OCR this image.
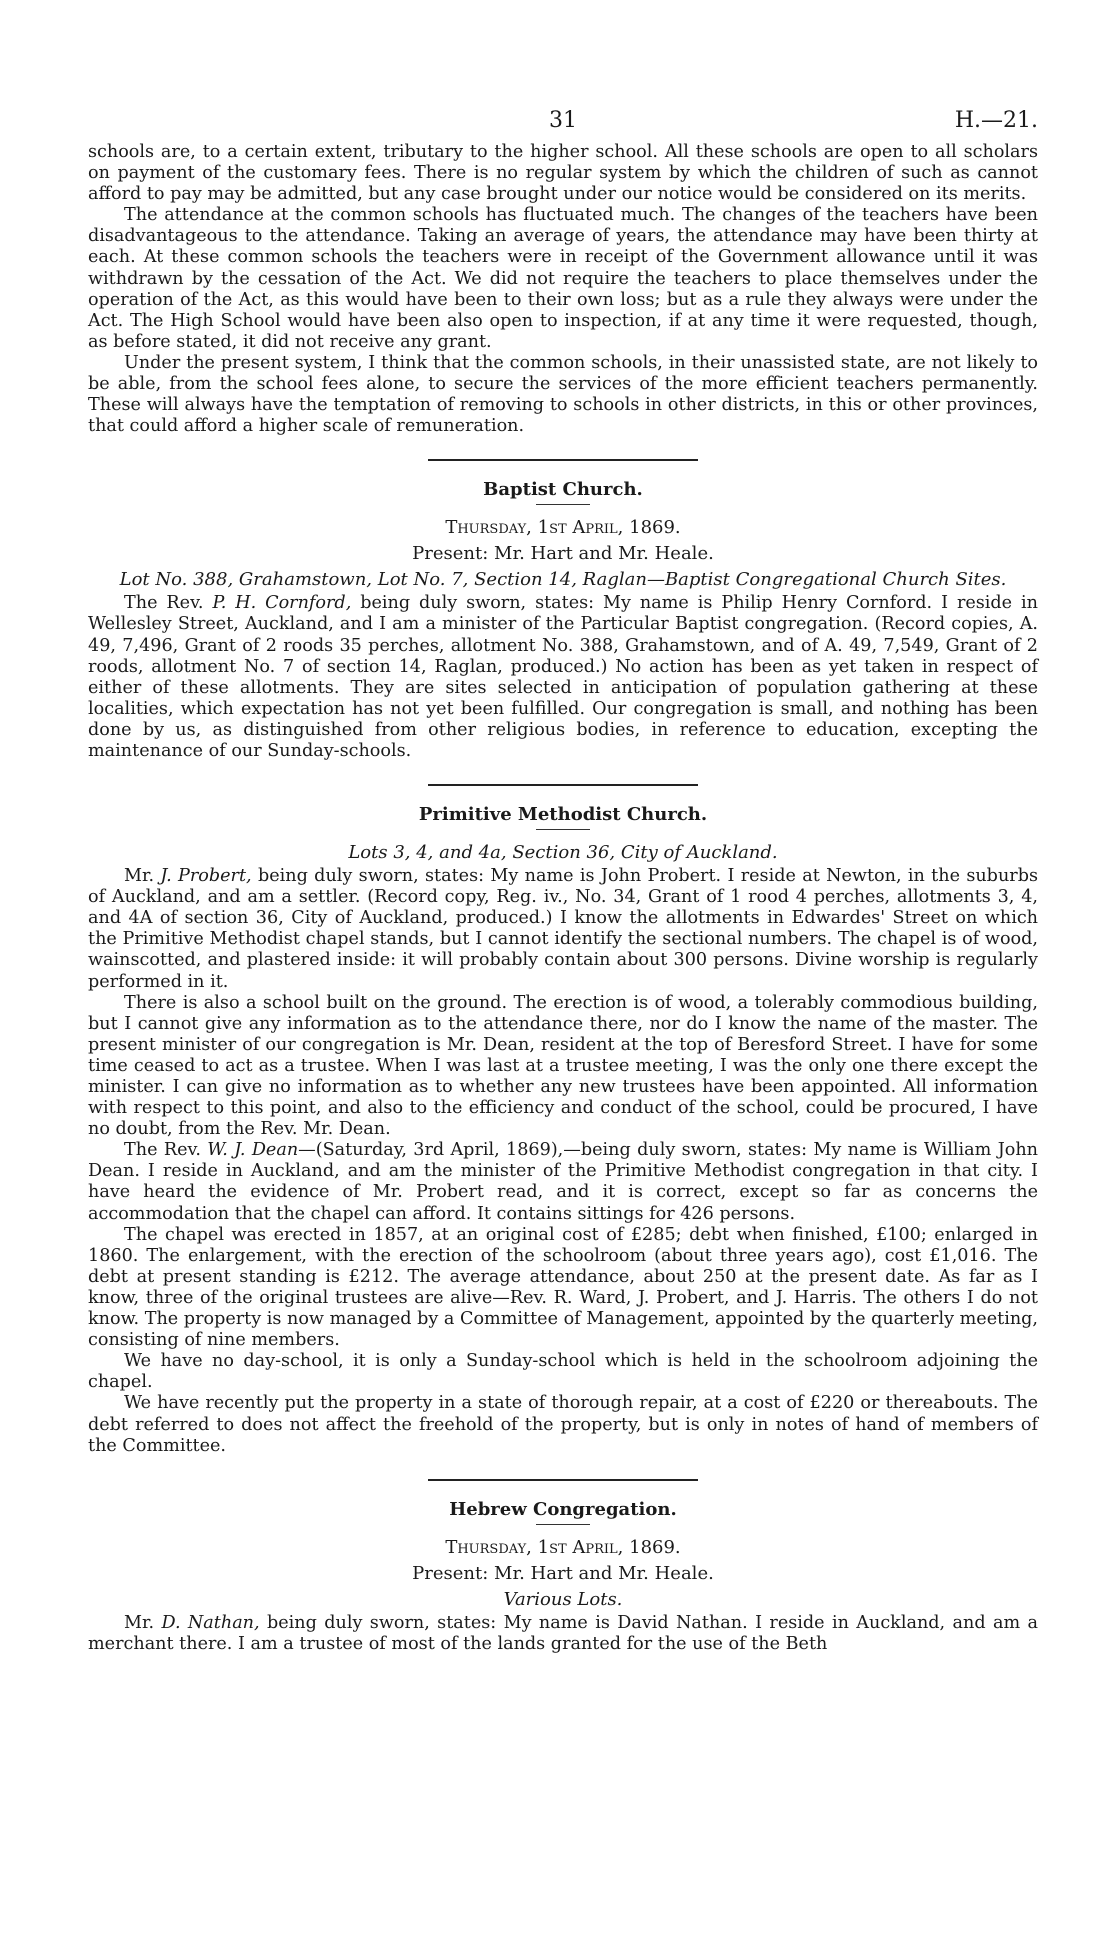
31	H.—21.

schools are, to a certain extent, tributary to the higher school. All these schools are open to all scholars on payment of the customary fees. There is no regular system by which the children of such as cannot afford to pay may be admitted, but any case brought under our notice would be considered on its merits.

The attendance at the common schools has fluctuated much. The changes of the teachers have been disadvantageous to the attendance. Taking an average of years, the attendance may have been thirty at each. At these common schools the teachers were in receipt of the Government allowance until it was withdrawn by the cessation of the Act. We did not require the teachers to place themselves under the operation of the Act, as this would have been to their own loss; but as a rule they always were under the Act. The High School would have been also open to inspection, if at any time it were requested, though, as before stated, it did not receive any grant.

Under the present system, I think that the common schools, in their unassisted state, are not likely to be able, from the school fees alone, to secure the services of the more efficient teachers permanently. These will always have the temptation of removing to schools in other districts, in this or other provinces, that could afford a higher scale of remuneration.

Baptist Church.
Thursday, 1st April, 1869.
Present: Mr. Hart and Mr. Heale.
Lot No. 388, Grahamstown, Lot No. 7, Section 14, Raglan—Baptist Congregational Church Sites.

The Rev. P. H. Cornford, being duly sworn, states: My name is Philip Henry Cornford. I reside in Wellesley Street, Auckland, and I am a minister of the Particular Baptist congregation. (Record copies, A. 49, 7,496, Grant of 2 roods 35 perches, allotment No. 388, Grahamstown, and of A. 49, 7,549, Grant of 2 roods, allotment No. 7 of section 14, Raglan, produced.) No action has been as yet taken in respect of either of these allotments. They are sites selected in anticipation of population gathering at these localities, which expectation has not yet been fulfilled. Our congregation is small, and nothing has been done by us, as distinguished from other religious bodies, in reference to education, excepting the maintenance of our Sunday-schools.

Primitive Methodist Church.
Lots 3, 4, and 4a, Section 36, City of Auckland.

Mr. J. Probert, being duly sworn, states: My name is John Probert. I reside at Newton, in the suburbs of Auckland, and am a settler. (Record copy, Reg. iv., No. 34, Grant of 1 rood 4 perches, allotments 3, 4, and 4A of section 36, City of Auckland, produced.) I know the allotments in Edwardes' Street on which the Primitive Methodist chapel stands, but I cannot identify the sectional numbers. The chapel is of wood, wainscotted, and plastered inside: it will probably contain about 300 persons. Divine worship is regularly performed in it.

There is also a school built on the ground. The erection is of wood, a tolerably commodious building, but I cannot give any information as to the attendance there, nor do I know the name of the master. The present minister of our congregation is Mr. Dean, resident at the top of Beresford Street. I have for some time ceased to act as a trustee. When I was last at a trustee meeting, I was the only one there except the minister. I can give no information as to whether any new trustees have been appointed. All information with respect to this point, and also to the efficiency and conduct of the school, could be procured, I have no doubt, from the Rev. Mr. Dean.

The Rev. W. J. Dean—(Saturday, 3rd April, 1869),—being duly sworn, states: My name is William John Dean. I reside in Auckland, and am the minister of the Primitive Methodist congregation in that city. I have heard the evidence of Mr. Probert read, and it is correct, except so far as concerns the accommodation that the chapel can afford. It contains sittings for 426 persons.

The chapel was erected in 1857, at an original cost of £285; debt when finished, £100; enlarged in 1860. The enlargement, with the erection of the schoolroom (about three years ago), cost £1,016. The debt at present standing is £212. The average attendance, about 250 at the present date. As far as I know, three of the original trustees are alive—Rev. R. Ward, J. Probert, and J. Harris. The others I do not know. The property is now managed by a Committee of Management, appointed by the quarterly meeting, consisting of nine members.

We have no day-school, it is only a Sunday-school which is held in the schoolroom adjoining the chapel.

We have recently put the property in a state of thorough repair, at a cost of £220 or thereabouts. The debt referred to does not affect the freehold of the property, but is only in notes of hand of members of the Committee.

Hebrew Congregation.
Thursday, 1st April, 1869.
Present: Mr. Hart and Mr. Heale.
Various Lots.

Mr. D. Nathan, being duly sworn, states: My name is David Nathan. I reside in Auckland, and am a merchant there. I am a trustee of most of the lands granted for the use of the Beth
